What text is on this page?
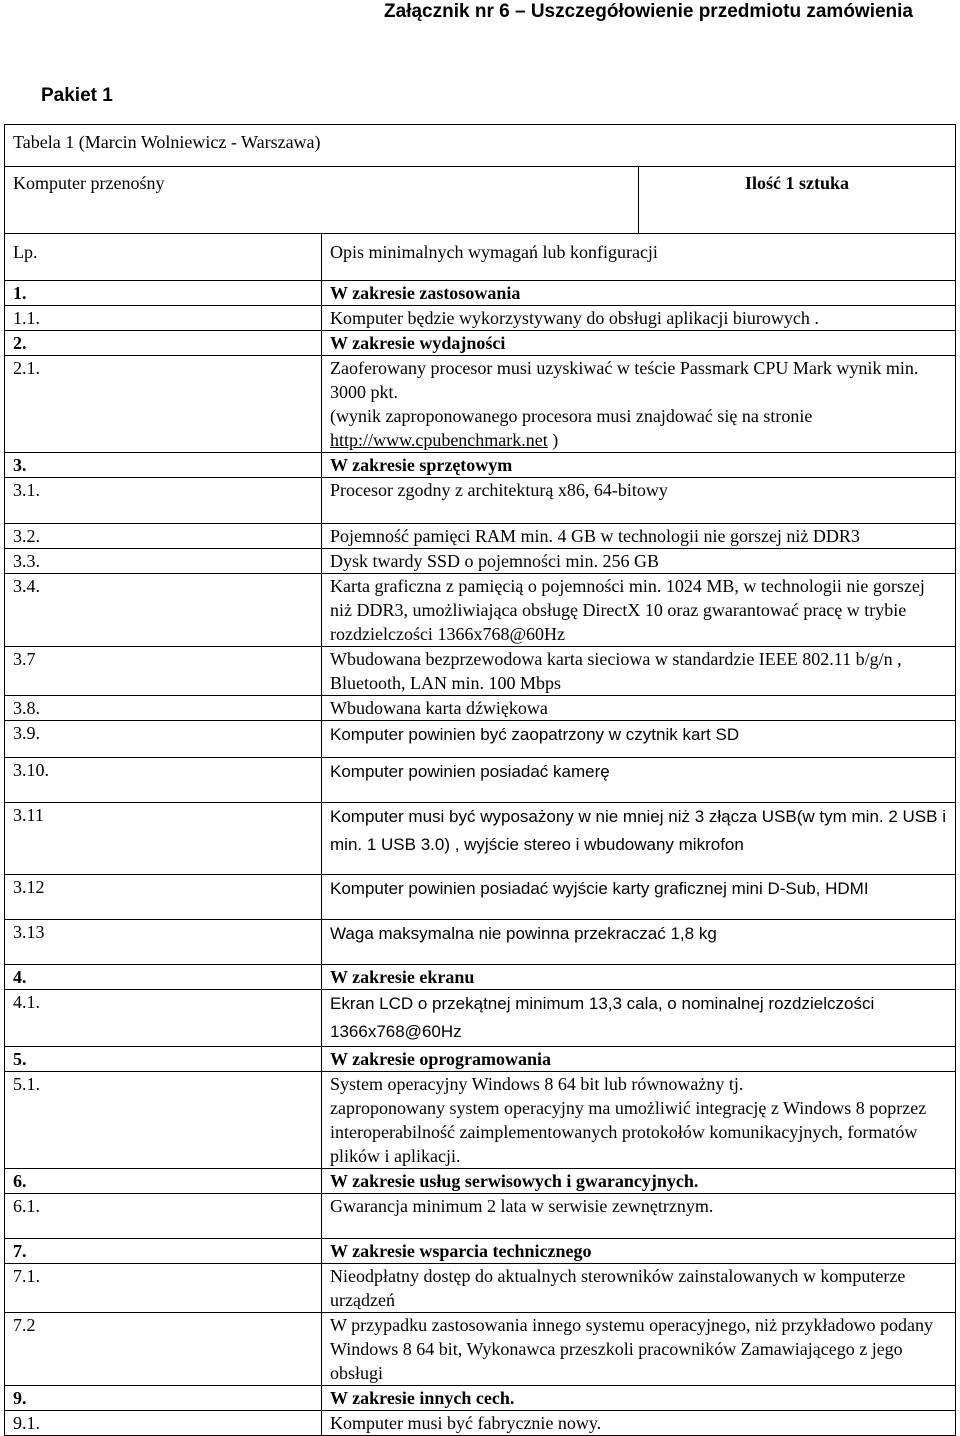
Załącznik nr 6 – Uszczegółowienie przedmiotu zamówienia
Pakiet 1
Tabela 1 (Marcin Wolniewicz - Warszawa)		
Komputer przenośny		Ilość 1 sztuka
Lp.	Opis minimalnych wymagań lub konfiguracji	
1.	W zakresie zastosowania	
1.1.	Komputer będzie wykorzystywany do obsługi aplikacji biurowych .	
2.	W zakresie wydajności	
2.1.	Zaoferowany procesor musi uzyskiwać w teście Passmark CPU Mark wynik min. 3000 pkt.
(wynik zaproponowanego procesora musi znajdować się na stronie http://www.cpubenchmark.net )	
3.	W zakresie sprzętowym	
3.1.	Procesor zgodny z architekturą x86, 64-bitowy	
3.2.	Pojemność pamięci RAM min. 4 GB w technologii nie gorszej niż DDR3	
3.3.	Dysk twardy SSD o pojemności min. 256 GB	
3.4.	Karta graficzna z pamięcią o pojemności min. 1024 MB, w technologii nie gorszej niż DDR3, umożliwiająca obsługę DirectX 10 oraz gwarantować pracę w trybie rozdzielczości 1366x768@60Hz	
3.7	Wbudowana bezprzewodowa karta sieciowa w standardzie IEEE 802.11 b/g/n , Bluetooth, LAN min. 100 Mbps	
3.8.	Wbudowana karta dźwiękowa	
3.9.	Komputer powinien być zaopatrzony w czytnik kart SD	
3.10.	Komputer powinien posiadać kamerę	
3.11	Komputer musi być wyposażony w nie mniej niż 3 złącza USB(w tym min. 2 USB i min. 1 USB 3.0) , wyjście stereo i wbudowany mikrofon	
3.12	Komputer powinien posiadać wyjście karty graficznej mini D-Sub, HDMI	
3.13	Waga maksymalna nie powinna przekraczać 1,8 kg	
4.	W zakresie ekranu	
4.1.	Ekran LCD o przekątnej minimum 13,3 cala, o nominalnej rozdzielczości 1366x768@60Hz	
5.	W zakresie oprogramowania	
5.1.	System operacyjny Windows 8 64 bit lub równoważny tj.
zaproponowany system operacyjny ma umożliwić integrację z Windows 8 poprzez interoperabilność zaimplementowanych protokołów komunikacyjnych, formatów plików i aplikacji.	
6.	W zakresie usług serwisowych i gwarancyjnych.	
6.1.	Gwarancja minimum 2 lata w serwisie zewnętrznym.	
7.	W zakresie wsparcia technicznego	
7.1.	Nieodpłatny dostęp do aktualnych sterowników zainstalowanych w komputerze urządzeń	
7.2	W przypadku zastosowania innego systemu operacyjnego, niż przykładowo podany Windows 8 64 bit, Wykonawca przeszkoli pracowników Zamawiającego z jego obsługi	
9.	W zakresie innych cech.	
9.1.	Komputer musi być fabrycznie nowy.	
